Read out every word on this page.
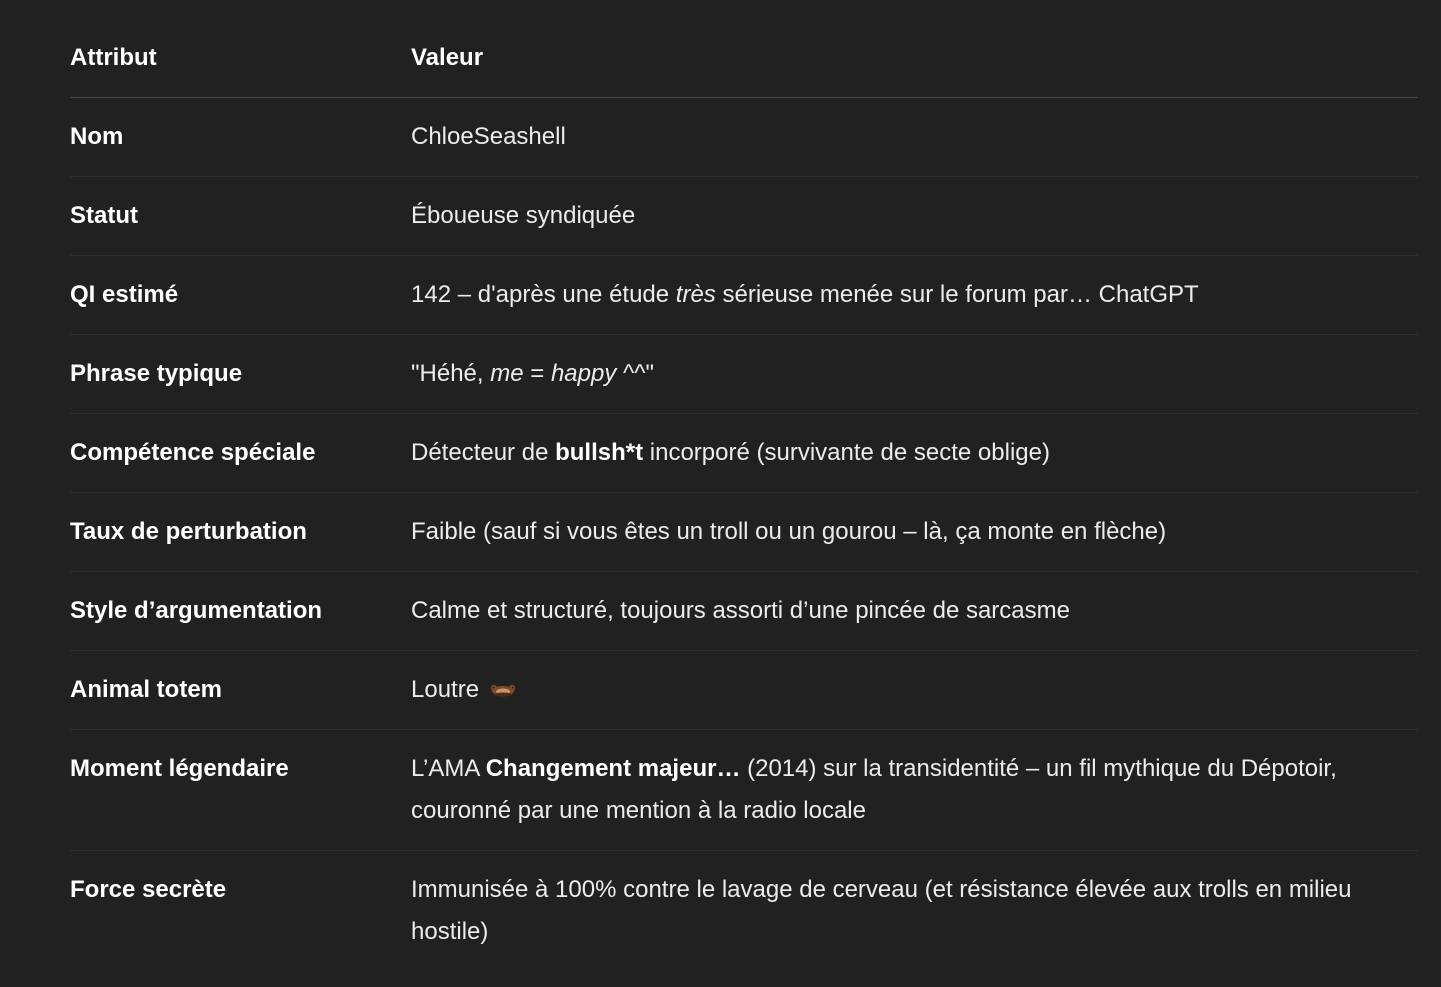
Attribut	Valeur
Nom	ChloeSeashell
Statut	Éboueuse syndiquée
QI estimé	142 – d'après une étude très sérieuse menée sur le forum par… ChatGPT
Phrase typique	"Héhé, me = happy ^^"
Compétence spéciale	Détecteur de bullsh*t incorporé (survivante de secte oblige)
Taux de perturbation	Faible (sauf si vous êtes un troll ou un gourou – là, ça monte en flèche)
Style d’argumentation	Calme et structuré, toujours assorti d’une pincée de sarcasme
Animal totem	Loutre
Moment légendaire	L’AMA Changement majeur… (2014) sur la transidentité – un fil mythique du Dépotoir, couronné par une mention à la radio locale
Force secrète	Immunisée à 100% contre le lavage de cerveau (et résistance élevée aux trolls en milieu hostile)
